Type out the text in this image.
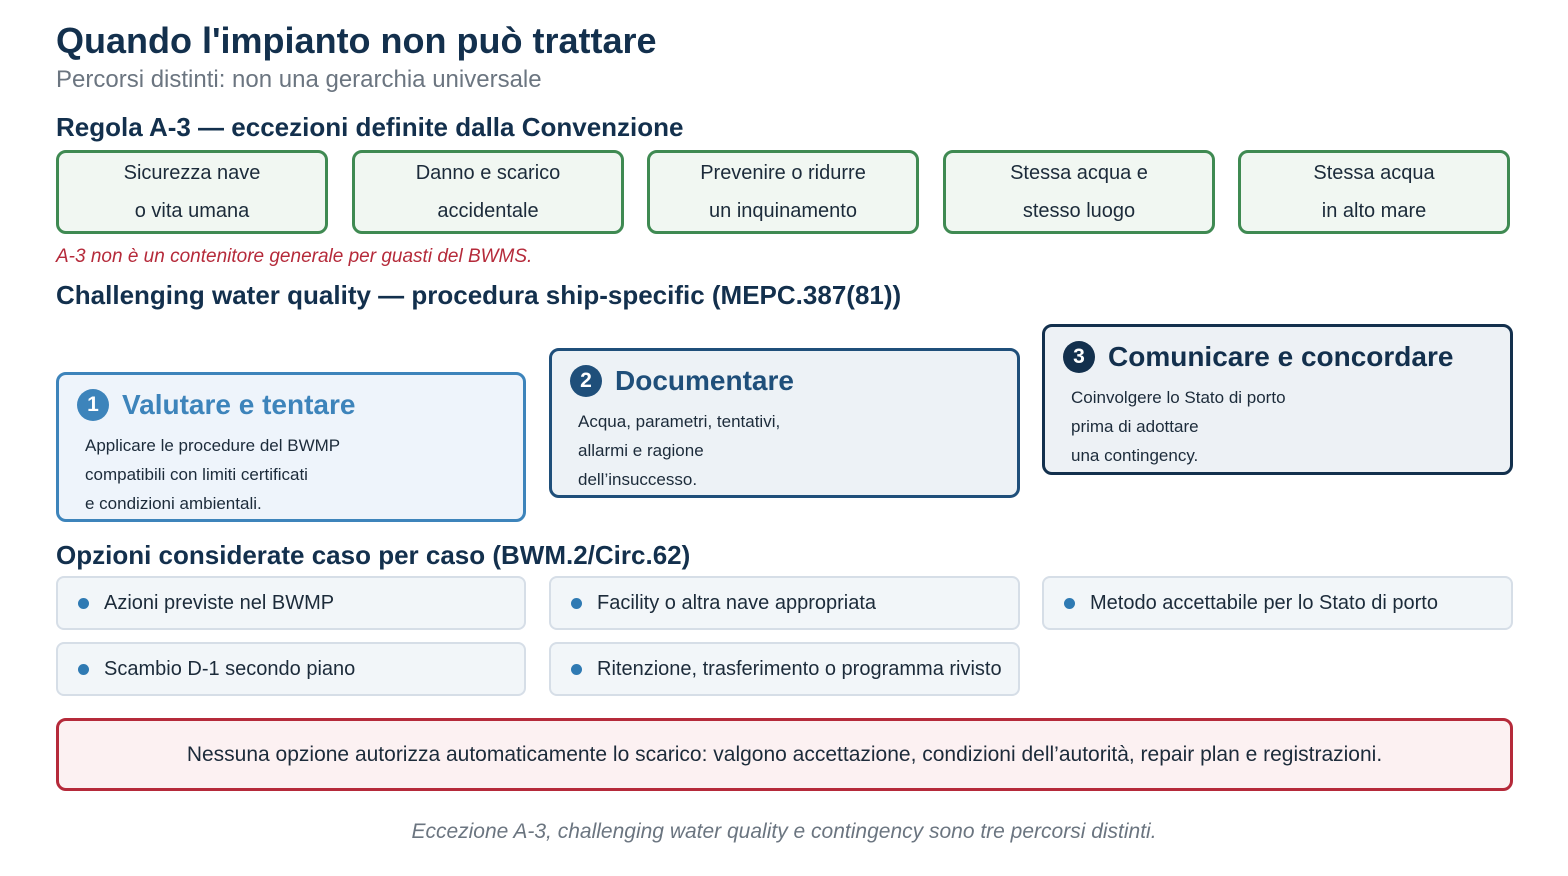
Quando l'impianto non può trattare
Percorsi distinti: non una gerarchia universale
Regola A-3 — eccezioni definite dalla Convenzione
Sicurezza nave
o vita umana
Danno e scarico
accidentale
Prevenire o ridurre
un inquinamento
Stessa acqua e
stesso luogo
Stessa acqua
in alto mare
A-3 non è un contenitore generale per guasti del BWMS.
Challenging water quality — procedura ship-specific (MEPC.387(81))
1 Valutare e tentare
Applicare le procedure del BWMP
compatibili con limiti certificati
e condizioni ambientali.
2 Documentare
Acqua, parametri, tentativi,
allarmi e ragione
dell’insuccesso.
3 Comunicare e concordare
Coinvolgere lo Stato di porto
prima di adottare
una contingency.
Opzioni considerate caso per caso (BWM.2/Circ.62)
Azioni previste nel BWMP	Facility o altra nave appropriata	Metodo accettabile per lo Stato di porto
Scambio D-1 secondo piano	Ritenzione, trasferimento o programma rivisto
Nessuna opzione autorizza automaticamente lo scarico: valgono accettazione, condizioni dell’autorità, repair plan e registrazioni.
Eccezione A-3, challenging water quality e contingency sono tre percorsi distinti.
